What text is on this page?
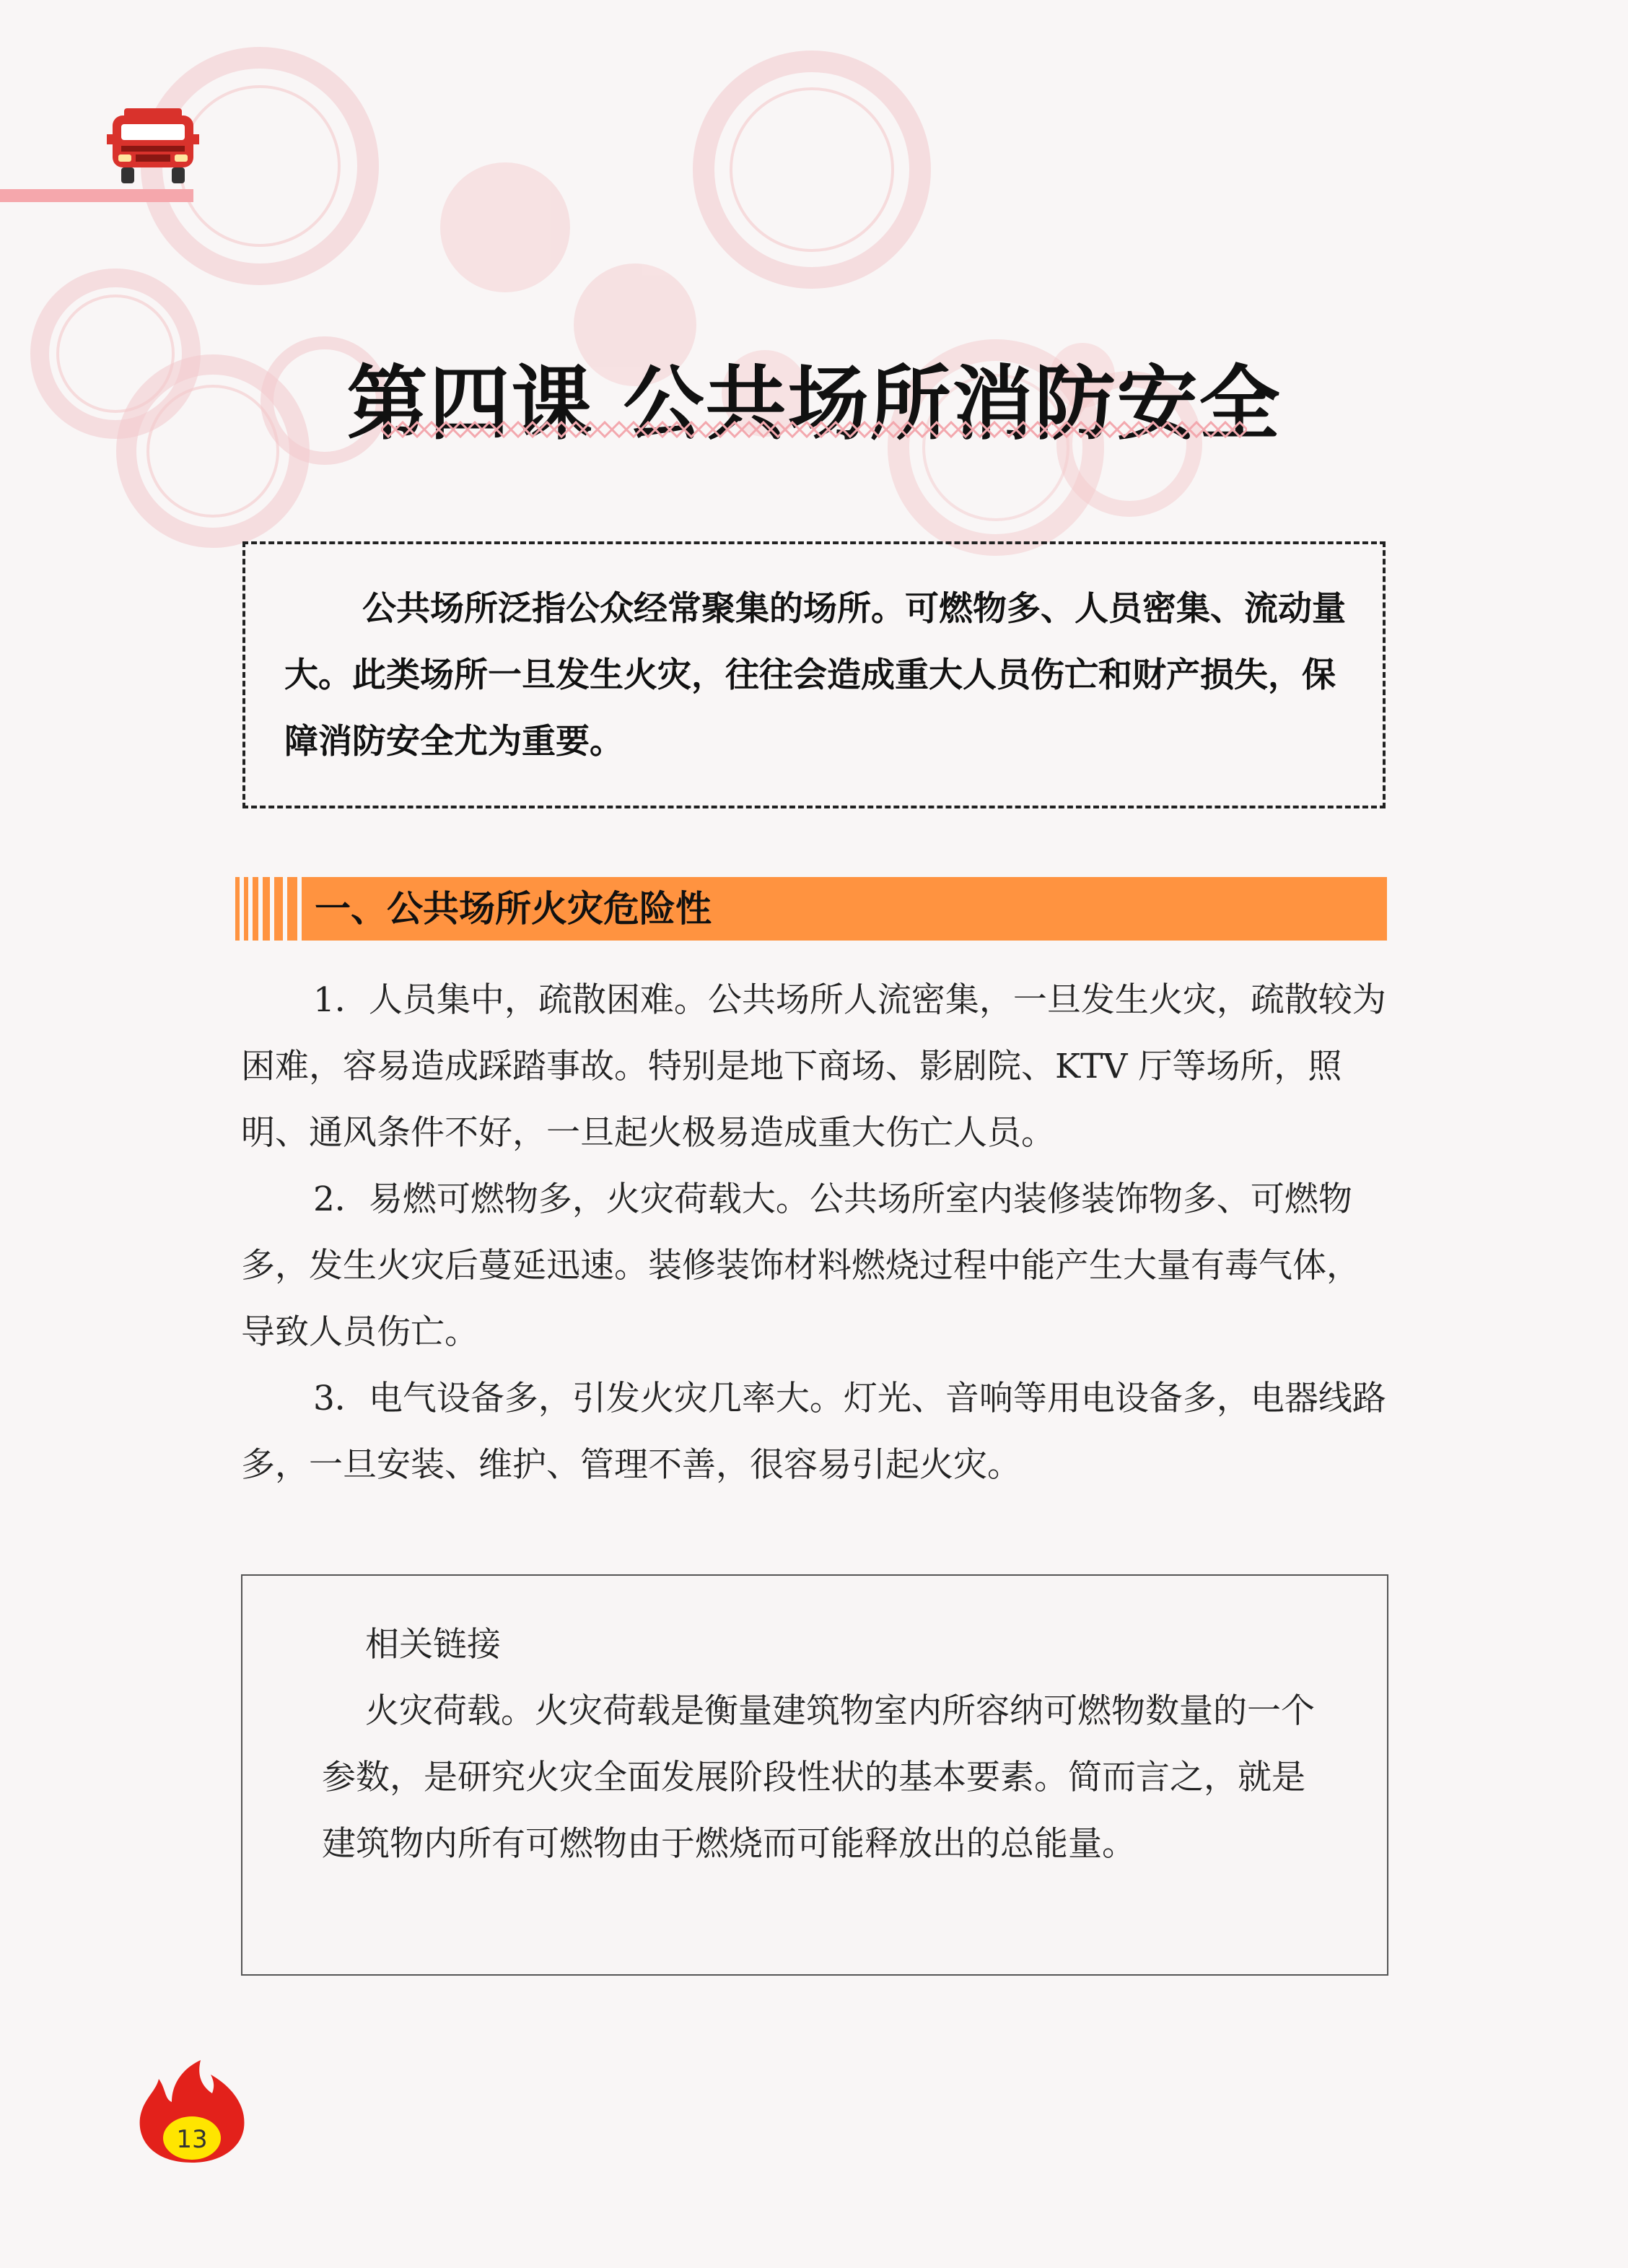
第四课 公共场所消防安全

公共场所泛指公众经常聚集的场所。可燃物多、人员密集、流动量大。此类场所一旦发生火灾，往往会造成重大人员伤亡和财产损失，保障消防安全尤为重要。

一、公共场所火灾危险性

1．人员集中，疏散困难。公共场所人流密集，一旦发生火灾，疏散较为困难，容易造成踩踏事故。特别是地下商场、影剧院、KTV 厅等场所，照明、通风条件不好，一旦起火极易造成重大伤亡人员。

2．易燃可燃物多，火灾荷载大。公共场所室内装修装饰物多、可燃物多，发生火灾后蔓延迅速。装修装饰材料燃烧过程中能产生大量有毒气体，导致人员伤亡。

3．电气设备多，引发火灾几率大。灯光、音响等用电设备多，电器线路多，一旦安装、维护、管理不善，很容易引起火灾。

相关链接

火灾荷载。火灾荷载是衡量建筑物室内所容纳可燃物数量的一个参数，是研究火灾全面发展阶段性状的基本要素。简而言之，就是建筑物内所有可燃物由于燃烧而可能释放出的总能量。

13
